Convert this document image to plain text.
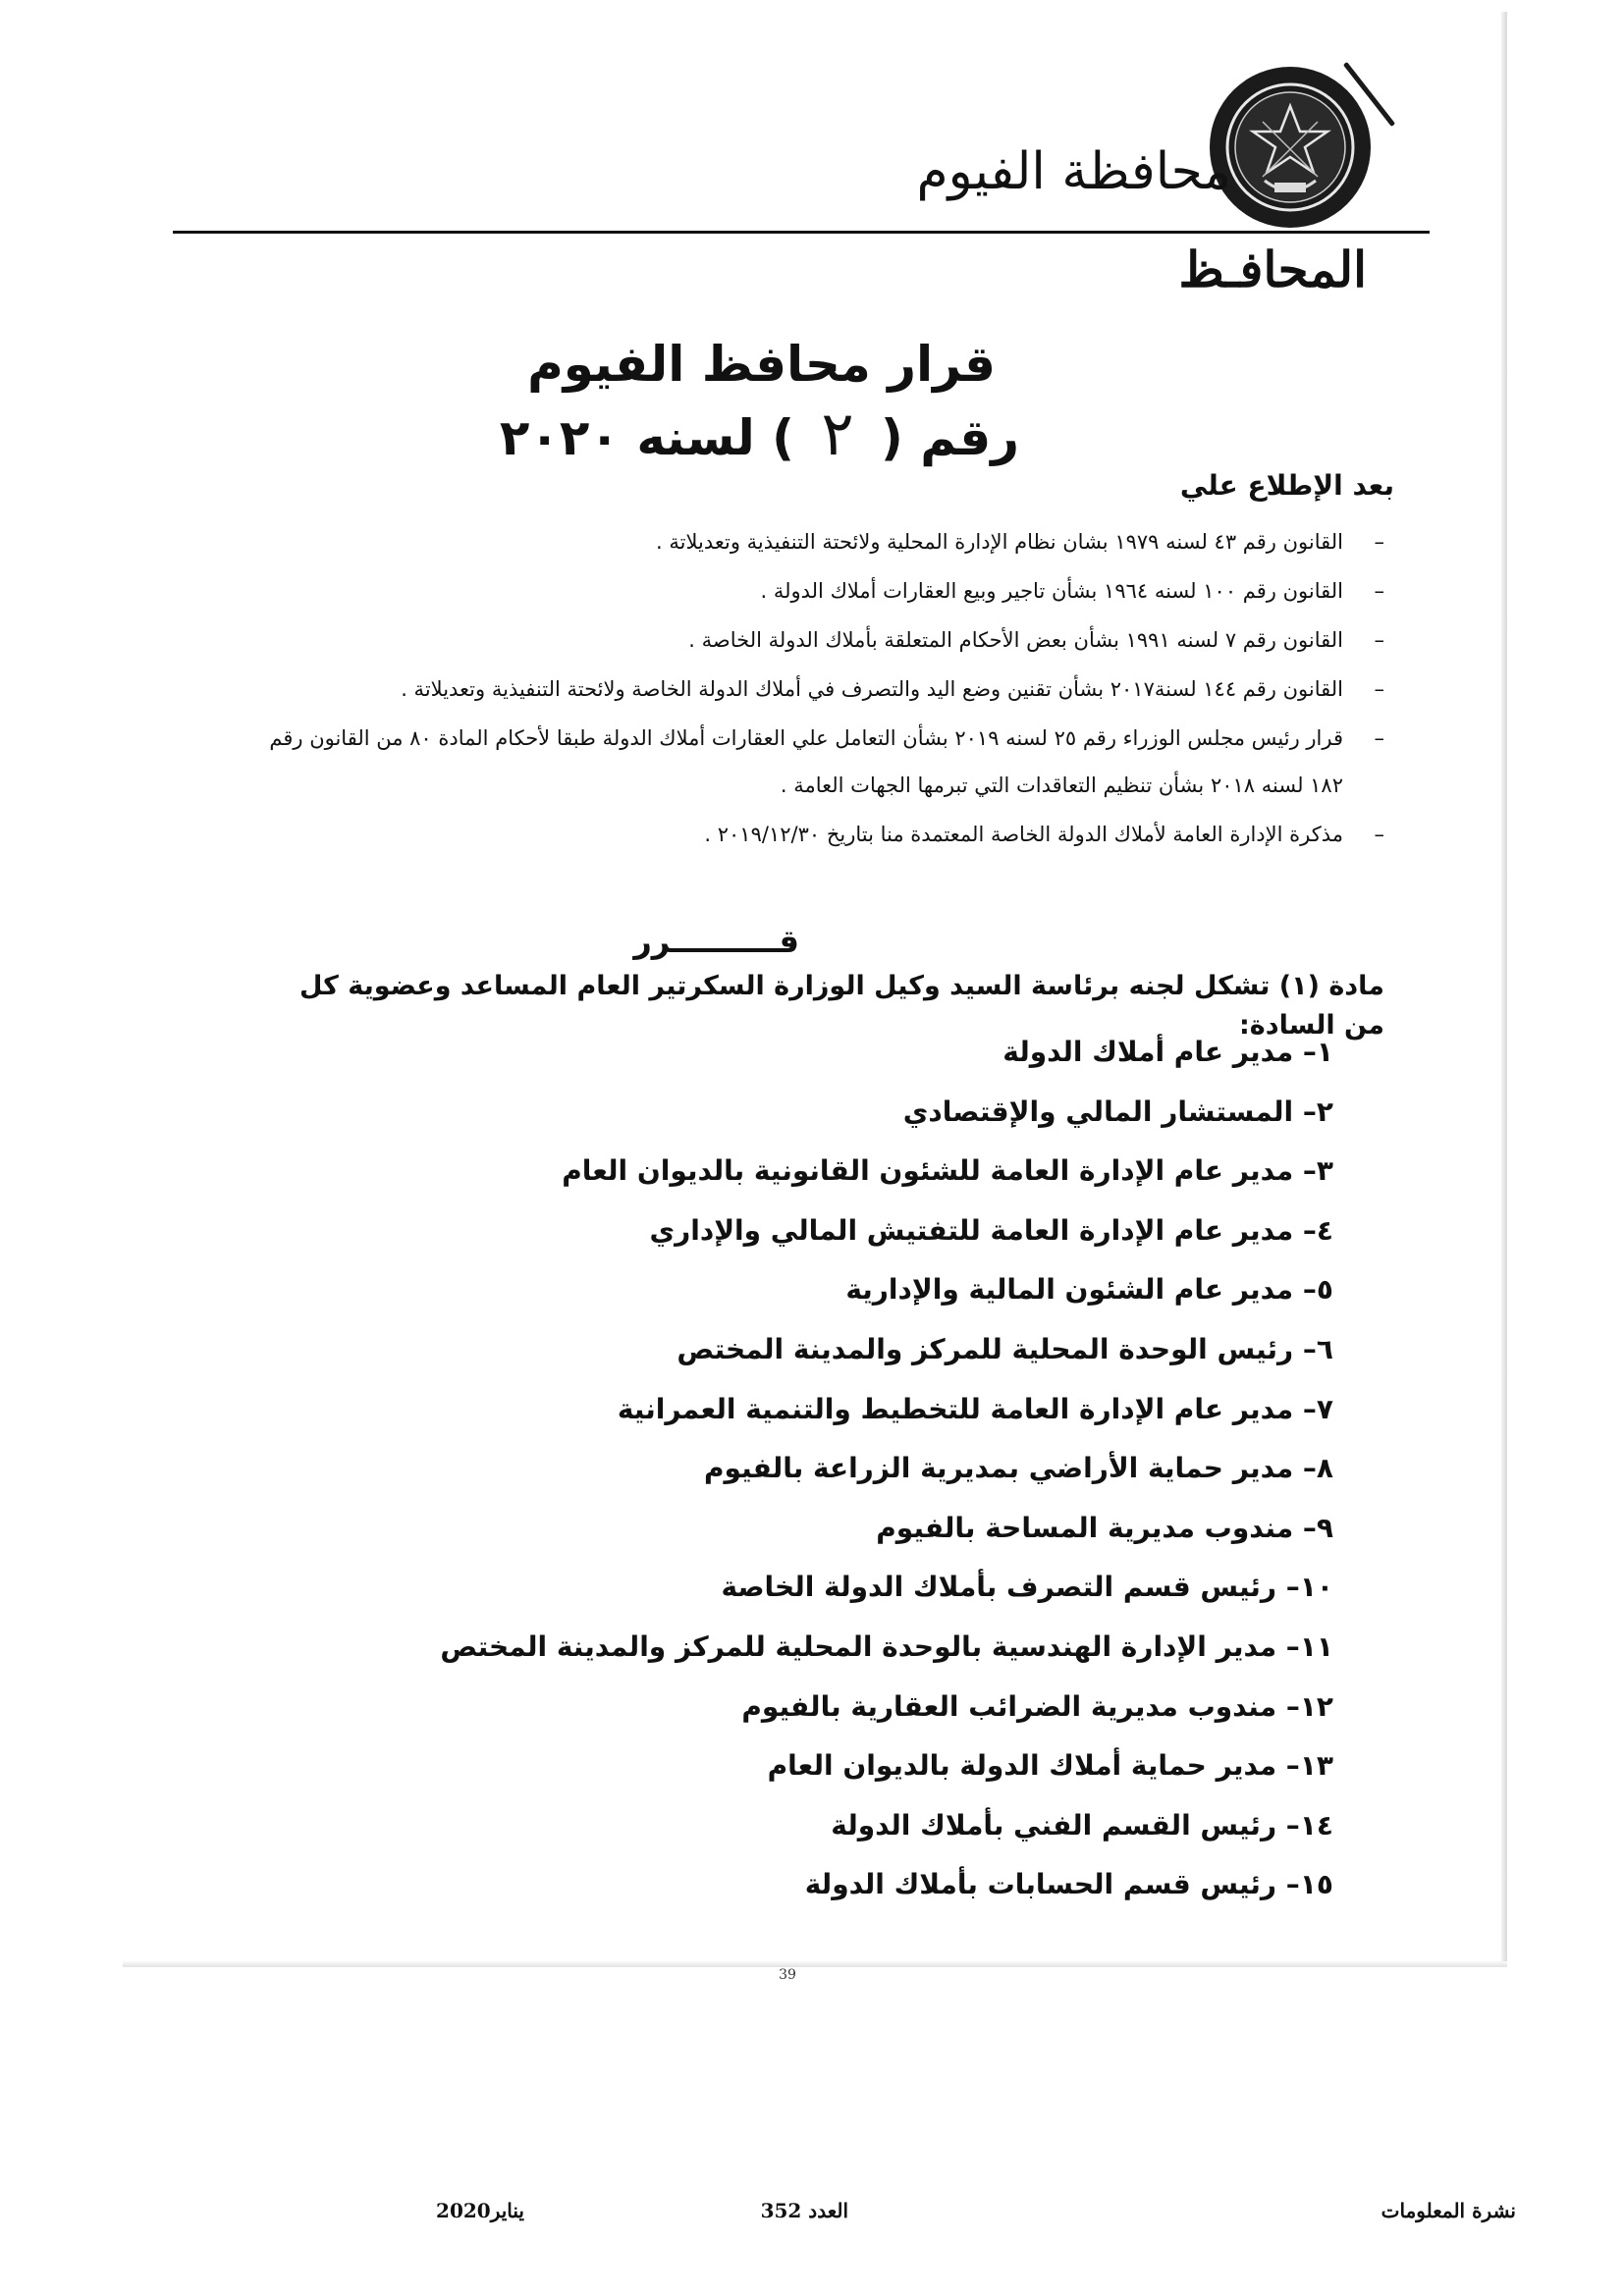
محافظة الفيوم
المحافـظ
قرار محافظ الفيوم
رقم (
٢
) لسنه ٢٠٢٠

بعد الإطلاع علي

– القانون رقم ٤٣ لسنه ١٩٧٩ بشان نظام الإدارة المحلية ولائحتة التنفيذية وتعديلاتة .
– القانون رقم ١٠٠ لسنه ١٩٦٤ بشأن تاجير وبيع العقارات أملاك الدولة .
– القانون رقم ٧ لسنه ١٩٩١ بشأن بعض الأحكام المتعلقة بأملاك الدولة الخاصة .
– القانون رقم ١٤٤ لسنة٢٠١٧ بشأن تقنين وضع اليد والتصرف في أملاك الدولة الخاصة ولائحتة التنفيذية وتعديلاتة .
– قرار رئيس مجلس الوزراء رقم ٢٥ لسنه ٢٠١٩ بشأن التعامل علي العقارات أملاك الدولة طبقا لأحكام المادة ٨٠ من القانون رقم ١٨٢ لسنه ٢٠١٨ بشأن تنظيم التعاقدات التي تبرمها الجهات العامة .
– مذكرة الإدارة العامة لأملاك الدولة الخاصة المعتمدة منا بتاريخ ٢٠١٩/١٢/٣٠ .

قــــــــــرر

مادة (١) تشكل لجنه برئاسة السيد وكيل الوزارة السكرتير العام المساعد وعضوية كل من السادة:

١– مدير عام أملاك الدولة
٢– المستشار المالي والإقتصادي
٣– مدير عام الإدارة العامة للشئون القانونية بالديوان العام
٤– مدير عام الإدارة العامة للتفتيش المالي والإداري
٥– مدير عام الشئون المالية والإدارية
٦– رئيس الوحدة المحلية للمركز والمدينة المختص
٧– مدير عام الإدارة العامة للتخطيط والتنمية العمرانية
٨– مدير حماية الأراضي بمديرية الزراعة بالفيوم
٩– مندوب مديرية المساحة بالفيوم
١٠– رئيس قسم التصرف بأملاك الدولة الخاصة
١١– مدير الإدارة الهندسية بالوحدة المحلية للمركز والمدينة المختص
١٢– مندوب مديرية الضرائب العقارية بالفيوم
١٣– مدير حماية أملاك الدولة بالديوان العام
١٤– رئيس القسم الفني بأملاك الدولة
١٥– رئيس قسم الحسابات بأملاك الدولة
39
نشرة المعلومات
العدد 352
يناير2020
